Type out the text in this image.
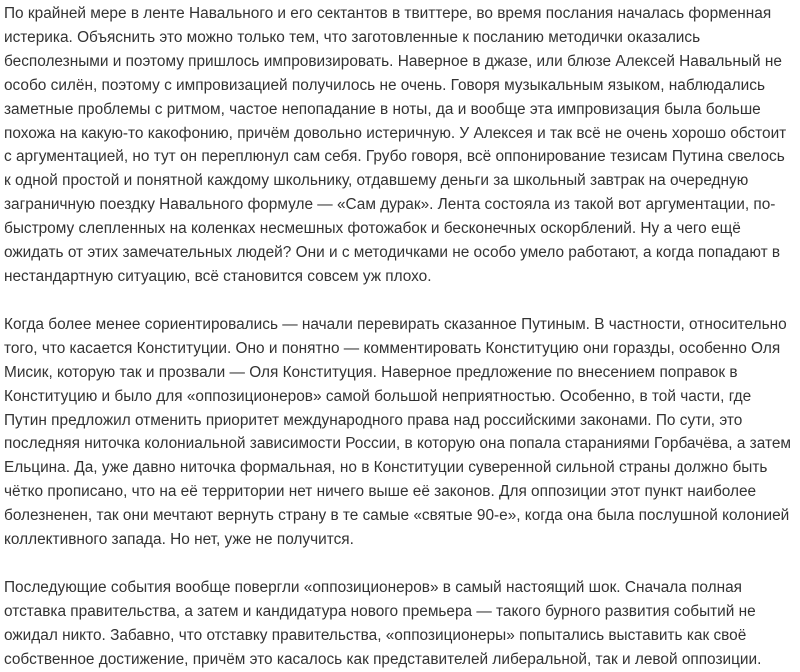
По крайней мере в ленте Навального и его сектантов в твиттере, во время послания началась форменная истерика. Объяснить это можно только тем, что заготовленные к посланию методички оказались бесполезными и поэтому пришлось импровизировать. Наверное в джазе, или блюзе Алексей Навальный не особо силён, поэтому с импровизацией получилось не очень. Говоря музыкальным языком, наблюдались заметные проблемы с ритмом, частое непопадание в ноты, да и вообще эта импровизация была больше похожа на какую-то какофонию, причём довольно истеричную. У Алексея и так всё не очень хорошо обстоит с аргументацией, но тут он переплюнул сам себя. Грубо говоря, всё оппонирование тезисам Путина свелось к одной простой и понятной каждому школьнику, отдавшему деньги за школьный завтрак на очередную заграничную поездку Навального формуле — «Сам дурак». Лента состояла из такой вот аргументации, по-быстрому слепленных на коленках несмешных фотожабок и бесконечных оскорблений. Ну а чего ещё ожидать от этих замечательных людей? Они и с методичками не особо умело работают, а когда попадают в нестандартную ситуацию, всё становится совсем уж плохо.

Когда более менее сориентировались — начали перевирать сказанное Путиным. В частности, относительно того, что касается Конституции. Оно и понятно — комментировать Конституцию они горазды, особенно Оля Мисик, которую так и прозвали — Оля Конституция. Наверное предложение по внесением поправок в Конституцию и было для «оппозиционеров» самой большой неприятностью. Особенно, в той части, где Путин предложил отменить приоритет международного права над российскими законами. По сути, это последняя ниточка колониальной зависимости России, в которую она попала стараниями Горбачёва, а затем Ельцина. Да, уже давно ниточка формальная, но в Конституции суверенной сильной страны должно быть чётко прописано, что на её территории нет ничего выше её законов. Для оппозиции этот пункт наиболее болезненен, так они мечтают вернуть страну в те самые «святые 90-е», когда она была послушной колонией коллективного запада. Но нет, уже не получится.

Последующие события вообще повергли «оппозиционеров» в самый настоящий шок. Сначала полная отставка правительства, а затем и кандидатура нового премьера — такого бурного развития событий не ожидал никто. Забавно, что отставку правительства, «оппозиционеры» попытались выставить как своё собственное достижение, причём это касалось как представителей либеральной, так и левой оппозиции.
